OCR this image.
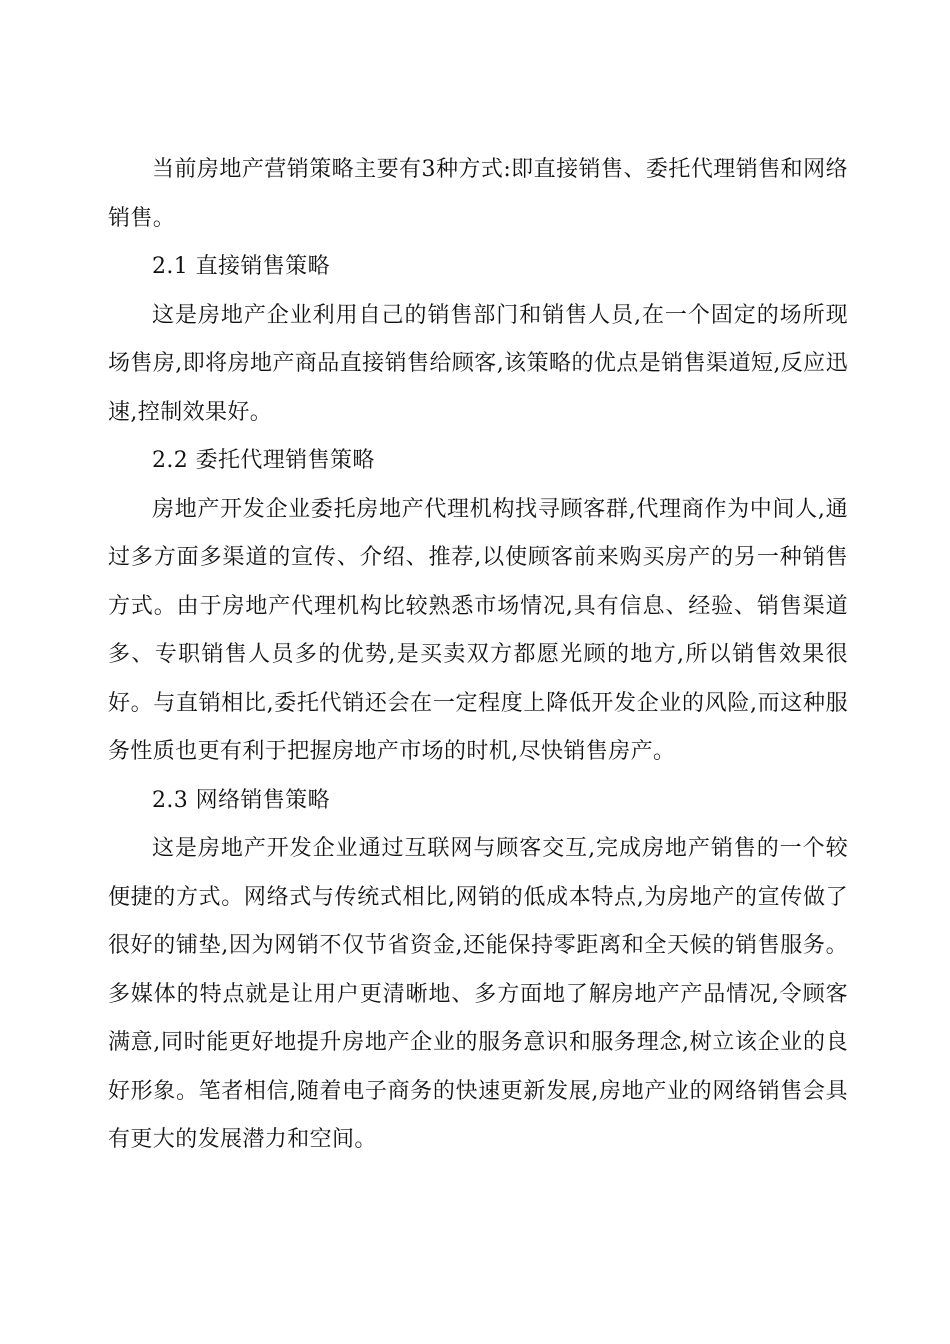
当前房地产营销策略主要有3种方式:即直接销售、委托代理销售和网络销售。

2.1 直接销售策略

这是房地产企业利用自己的销售部门和销售人员,在一个固定的场所现场售房,即将房地产商品直接销售给顾客,该策略的优点是销售渠道短,反应迅速,控制效果好。

2.2 委托代理销售策略

房地产开发企业委托房地产代理机构找寻顾客群,代理商作为中间人,通过多方面多渠道的宣传、介绍、推荐,以使顾客前来购买房产的另一种销售方式。由于房地产代理机构比较熟悉市场情况,具有信息、经验、销售渠道多、专职销售人员多的优势,是买卖双方都愿光顾的地方,所以销售效果很好。与直销相比,委托代销还会在一定程度上降低开发企业的风险,而这种服务性质也更有利于把握房地产市场的时机,尽快销售房产。

2.3 网络销售策略

这是房地产开发企业通过互联网与顾客交互,完成房地产销售的一个较便捷的方式。网络式与传统式相比,网销的低成本特点,为房地产的宣传做了很好的铺垫,因为网销不仅节省资金,还能保持零距离和全天候的销售服务。多媒体的特点就是让用户更清晰地、多方面地了解房地产产品情况,令顾客满意,同时能更好地提升房地产企业的服务意识和服务理念,树立该企业的良好形象。笔者相信,随着电子商务的快速更新发展,房地产业的网络销售会具有更大的发展潜力和空间。
